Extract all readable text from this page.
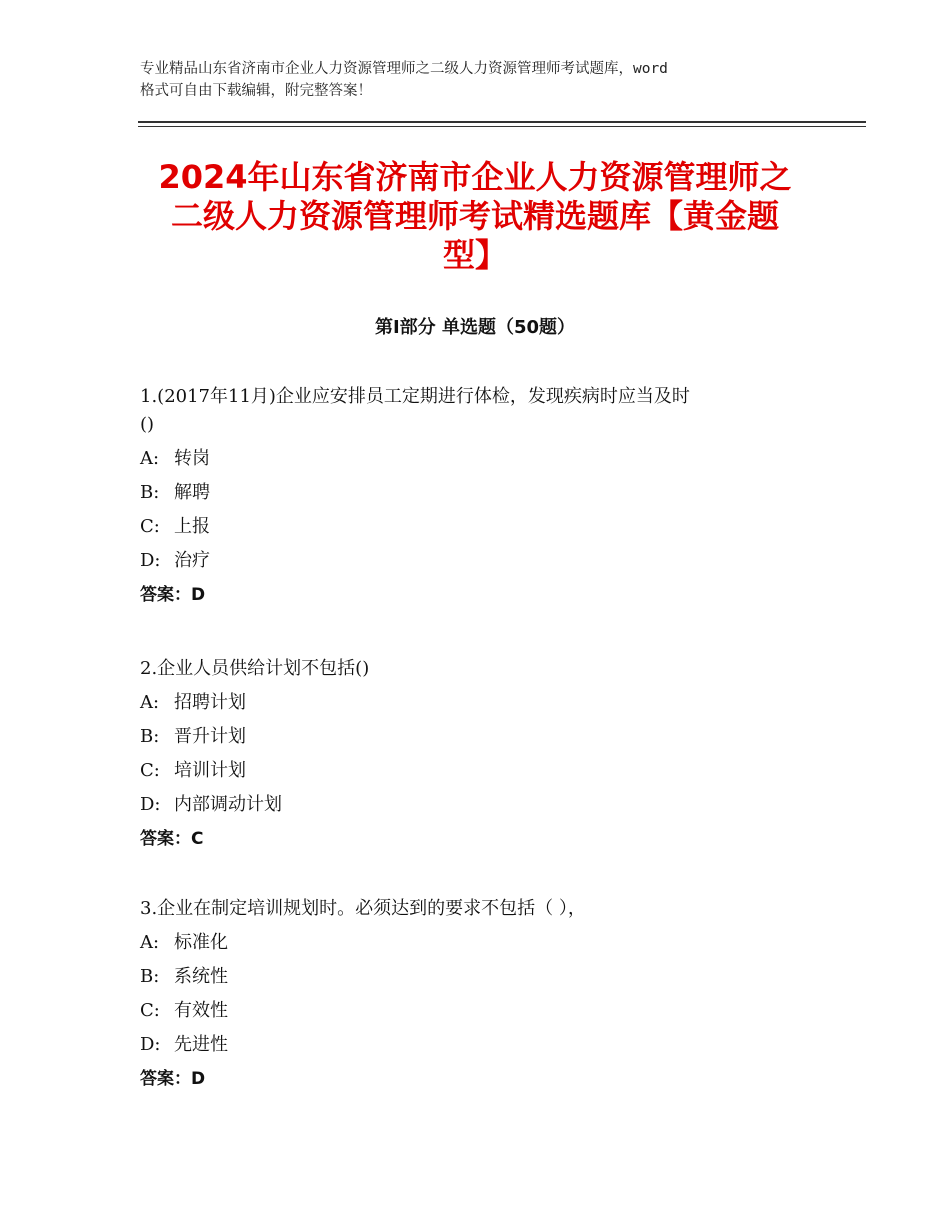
专业精品山东省济南市企业人力资源管理师之二级人力资源管理师考试题库，word

格式可自由下载编辑，附完整答案！

2024年山东省济南市企业人力资源管理师之
二级人力资源管理师考试精选题库【黄金题
型】
第Ⅰ部分 单选题（50题）

1.(2017年11月)企业应安排员工定期进行体检，发现疾病时应当及时

()

A: 转岗

B: 解聘

C: 上报

D: 治疗

答案：D

2.企业人员供给计划不包括()

A: 招聘计划

B: 晋升计划

C: 培训计划

D: 内部调动计划

答案：C

3.企业在制定培训规划时。必须达到的要求不包括（ ），

A: 标准化

B: 系统性

C: 有效性

D: 先进性

答案：D
